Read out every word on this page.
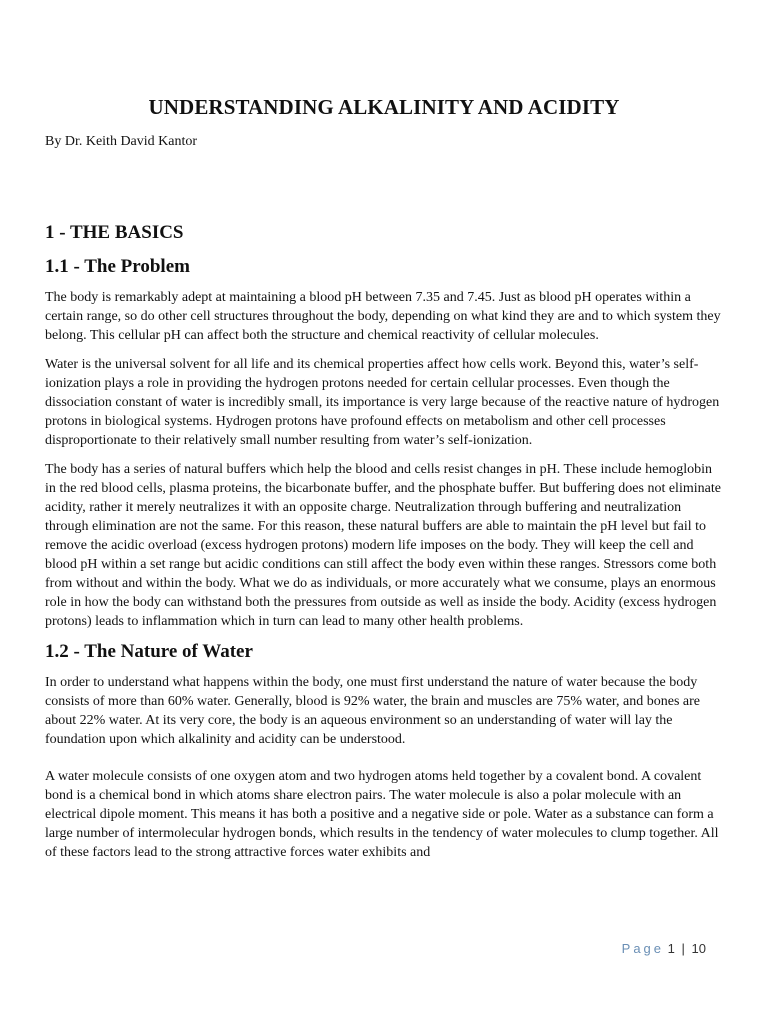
UNDERSTANDING ALKALINITY AND ACIDITY

By Dr. Keith David Kantor

1 - THE BASICS
1.1 - The Problem

The body is remarkably adept at maintaining a blood pH between 7.35 and 7.45. Just as blood pH operates within a certain range, so do other cell structures throughout the body, depending on what kind they are and to which system they belong. This cellular pH can affect both the structure and chemical reactivity of cellular molecules.

Water is the universal solvent for all life and its chemical properties affect how cells work. Beyond this, water’s self-ionization plays a role in providing the hydrogen protons needed for certain cellular processes. Even though the dissociation constant of water is incredibly small, its importance is very large because of the reactive nature of hydrogen protons in biological systems. Hydrogen protons have profound effects on metabolism and other cell processes disproportionate to their relatively small number resulting from water’s self-ionization.

The body has a series of natural buffers which help the blood and cells resist changes in pH. These include hemoglobin in the red blood cells, plasma proteins, the bicarbonate buffer, and the phosphate buffer. But buffering does not eliminate acidity, rather it merely neutralizes it with an opposite charge. Neutralization through buffering and neutralization through elimination are not the same. For this reason, these natural buffers are able to maintain the pH level but fail to remove the acidic overload (excess hydrogen protons) modern life imposes on the body. They will keep the cell and blood pH within a set range but acidic conditions can still affect the body even within these ranges. Stressors come both from without and within the body. What we do as individuals, or more accurately what we consume, plays an enormous role in how the body can withstand both the pressures from outside as well as inside the body. Acidity (excess hydrogen protons) leads to inflammation which in turn can lead to many other health problems.

1.2 - The Nature of Water

In order to understand what happens within the body, one must first understand the nature of water because the body consists of more than 60% water. Generally, blood is 92% water, the brain and muscles are 75% water, and bones are about 22% water. At its very core, the body is an aqueous environment so an understanding of water will lay the foundation upon which alkalinity and acidity can be understood.

A water molecule consists of one oxygen atom and two hydrogen atoms held together by a covalent bond. A covalent bond is a chemical bond in which atoms share electron pairs. The water molecule is also a polar molecule with an electrical dipole moment. This means it has both a positive and a negative side or pole. Water as a substance can form a large number of intermolecular hydrogen bonds, which results in the tendency of water molecules to clump together. All of these factors lead to the strong attractive forces water exhibits and

Page 1 | 10
